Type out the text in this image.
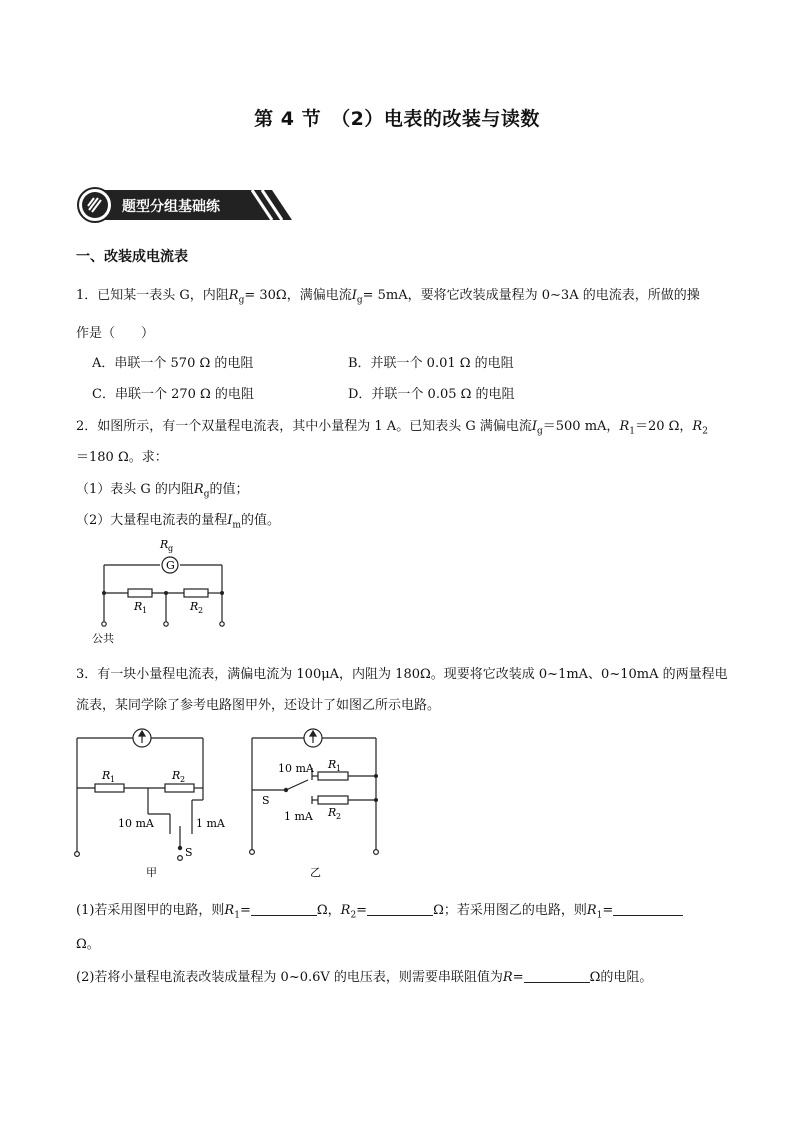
第 4 节　（2）电表的改装与读数
题型分组基础练
一、改装成电流表
1．已知某一表头 G，内阻$R_g= 30\Omega$，满偏电流$I_g= 5mA$，要将它改装成量程为 0∼3A 的电流表，所做的操
作是（　　）
A．串联一个 570 Ω 的电阻	B．并联一个 0.01 Ω 的电阻
C．串联一个 270 Ω 的电阻	D．并联一个 0.05 Ω 的电阻
2．如图所示，有一个双量程电流表，其中小量程为 1 A。已知表头 G 满偏电流$I_g=500$ mA，$R_1=20$ Ω，$R_2$
＝180 Ω。求：
（1）表头 G 的内阻$R_g$的值；
（2）大量程电流表的量程$I_m$的值。
G
R g
R 1	R 2
公共
3．有一块小量程电流表，满偏电流为 100μA，内阻为 180Ω。现要将它改装成 0~1mA、0~10mA 的两量程电
流表，某同学除了参考电路图甲外，还设计了如图乙所示电路。
R 1	R 2
10 mA	1 mA
S
甲
10 mA R 1
S
1 mA R 2
乙
(1)若采用图甲的电路，则$R_1=$	Ω，$R_2=$	Ω；若采用图乙的电路，则$R_1=$
Ω。
(2)若将小量程电流表改装成量程为 0~0.6V 的电压表，则需要串联阻值为R=	Ω的电阻。
